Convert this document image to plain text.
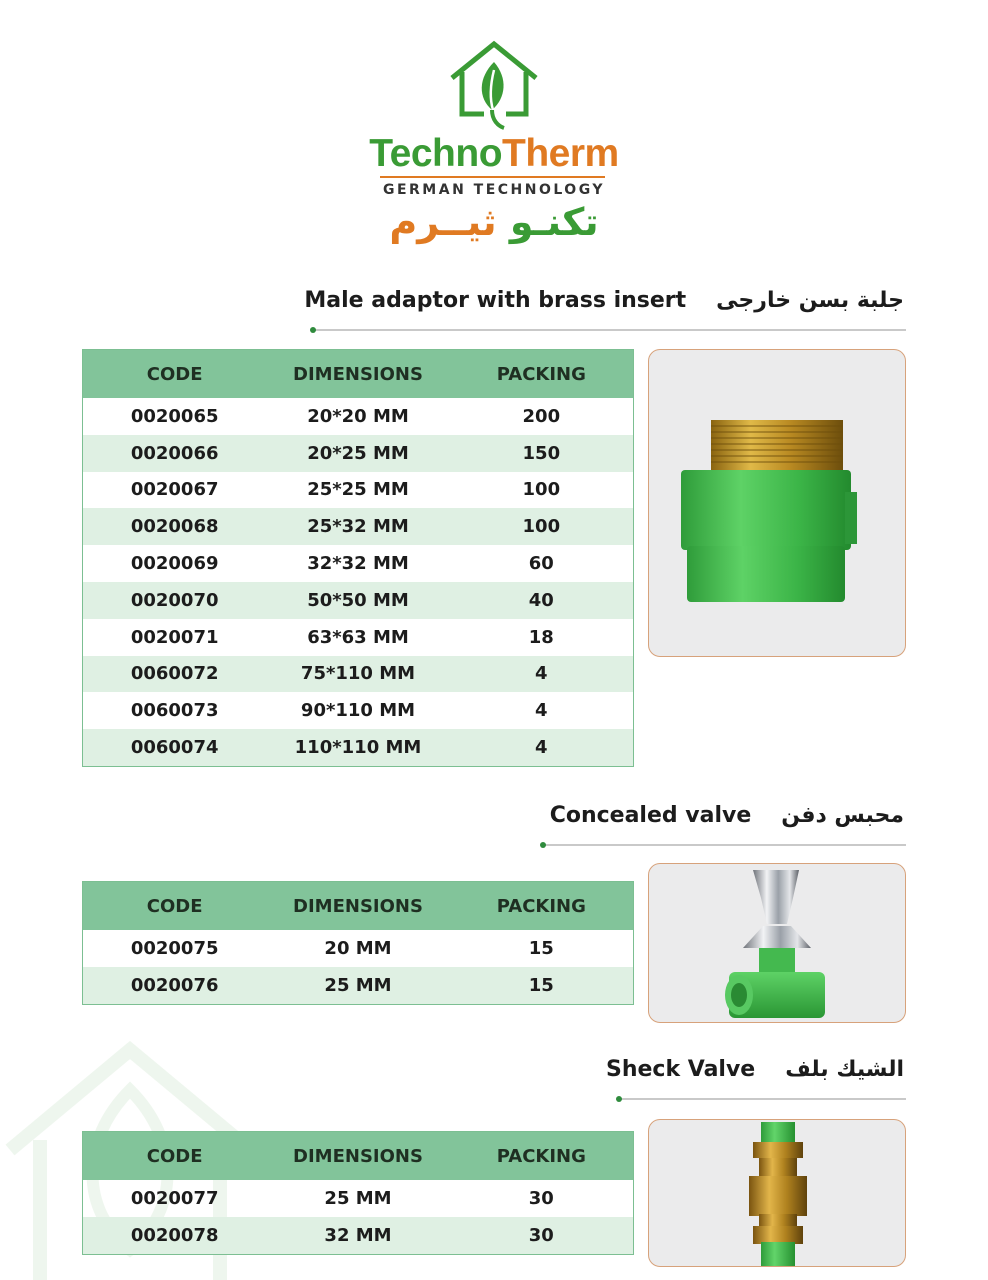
TechnoTherm
GERMAN TECHNOLOGY
تكنـو ثيــرم
Male adaptor with brass insert جلبة بسن خارجى
CODE	DIMENSIONS	PACKING
0020065	20*20 MM	200
0020066	20*25 MM	150
0020067	25*25 MM	100
0020068	25*32 MM	100
0020069	32*32 MM	60
0020070	50*50 MM	40
0020071	63*63 MM	18
0060072	75*110 MM	4
0060073	90*110 MM	4
0060074	110*110 MM	4
Concealed valve محبس دفن
CODE	DIMENSIONS	PACKING
0020075	20 MM	15
0020076	25 MM	15
Sheck Valve الشيك بلف
CODE	DIMENSIONS	PACKING
0020077	25 MM	30
0020078	32 MM	30
